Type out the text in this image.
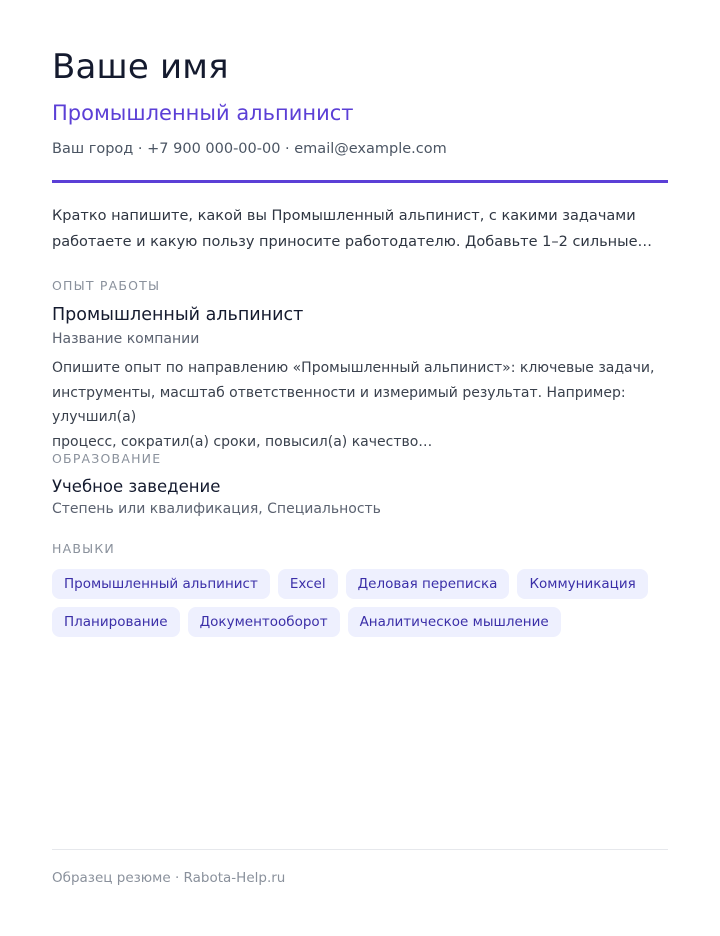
Ваше имя
Промышленный альпинист

Ваш город · +7 900 000-00-00 · email@example.com

Кратко напишите, какой вы Промышленный альпинист, с какими задачами
работаете и какую пользу приносите работодателю. Добавьте 1–2 сильные…

ОПЫТ РАБОТЫ

Промышленный альпинист

Название компании

Опишите опыт по направлению «Промышленный альпинист»: ключевые задачи,
инструменты, масштаб ответственности и измеримый результат. Например: улучшил(а)
процесс, сократил(а) сроки, повысил(а) качество…

ОБРАЗОВАНИЕ

Учебное заведение

Степень или квалификация, Специальность

НАВЫКИ

Промышленный альпинист	Excel	Деловая переписка	Коммуникация
Планирование	Документооборот	Аналитическое мышление

Образец резюме · Rabota-Help.ru
